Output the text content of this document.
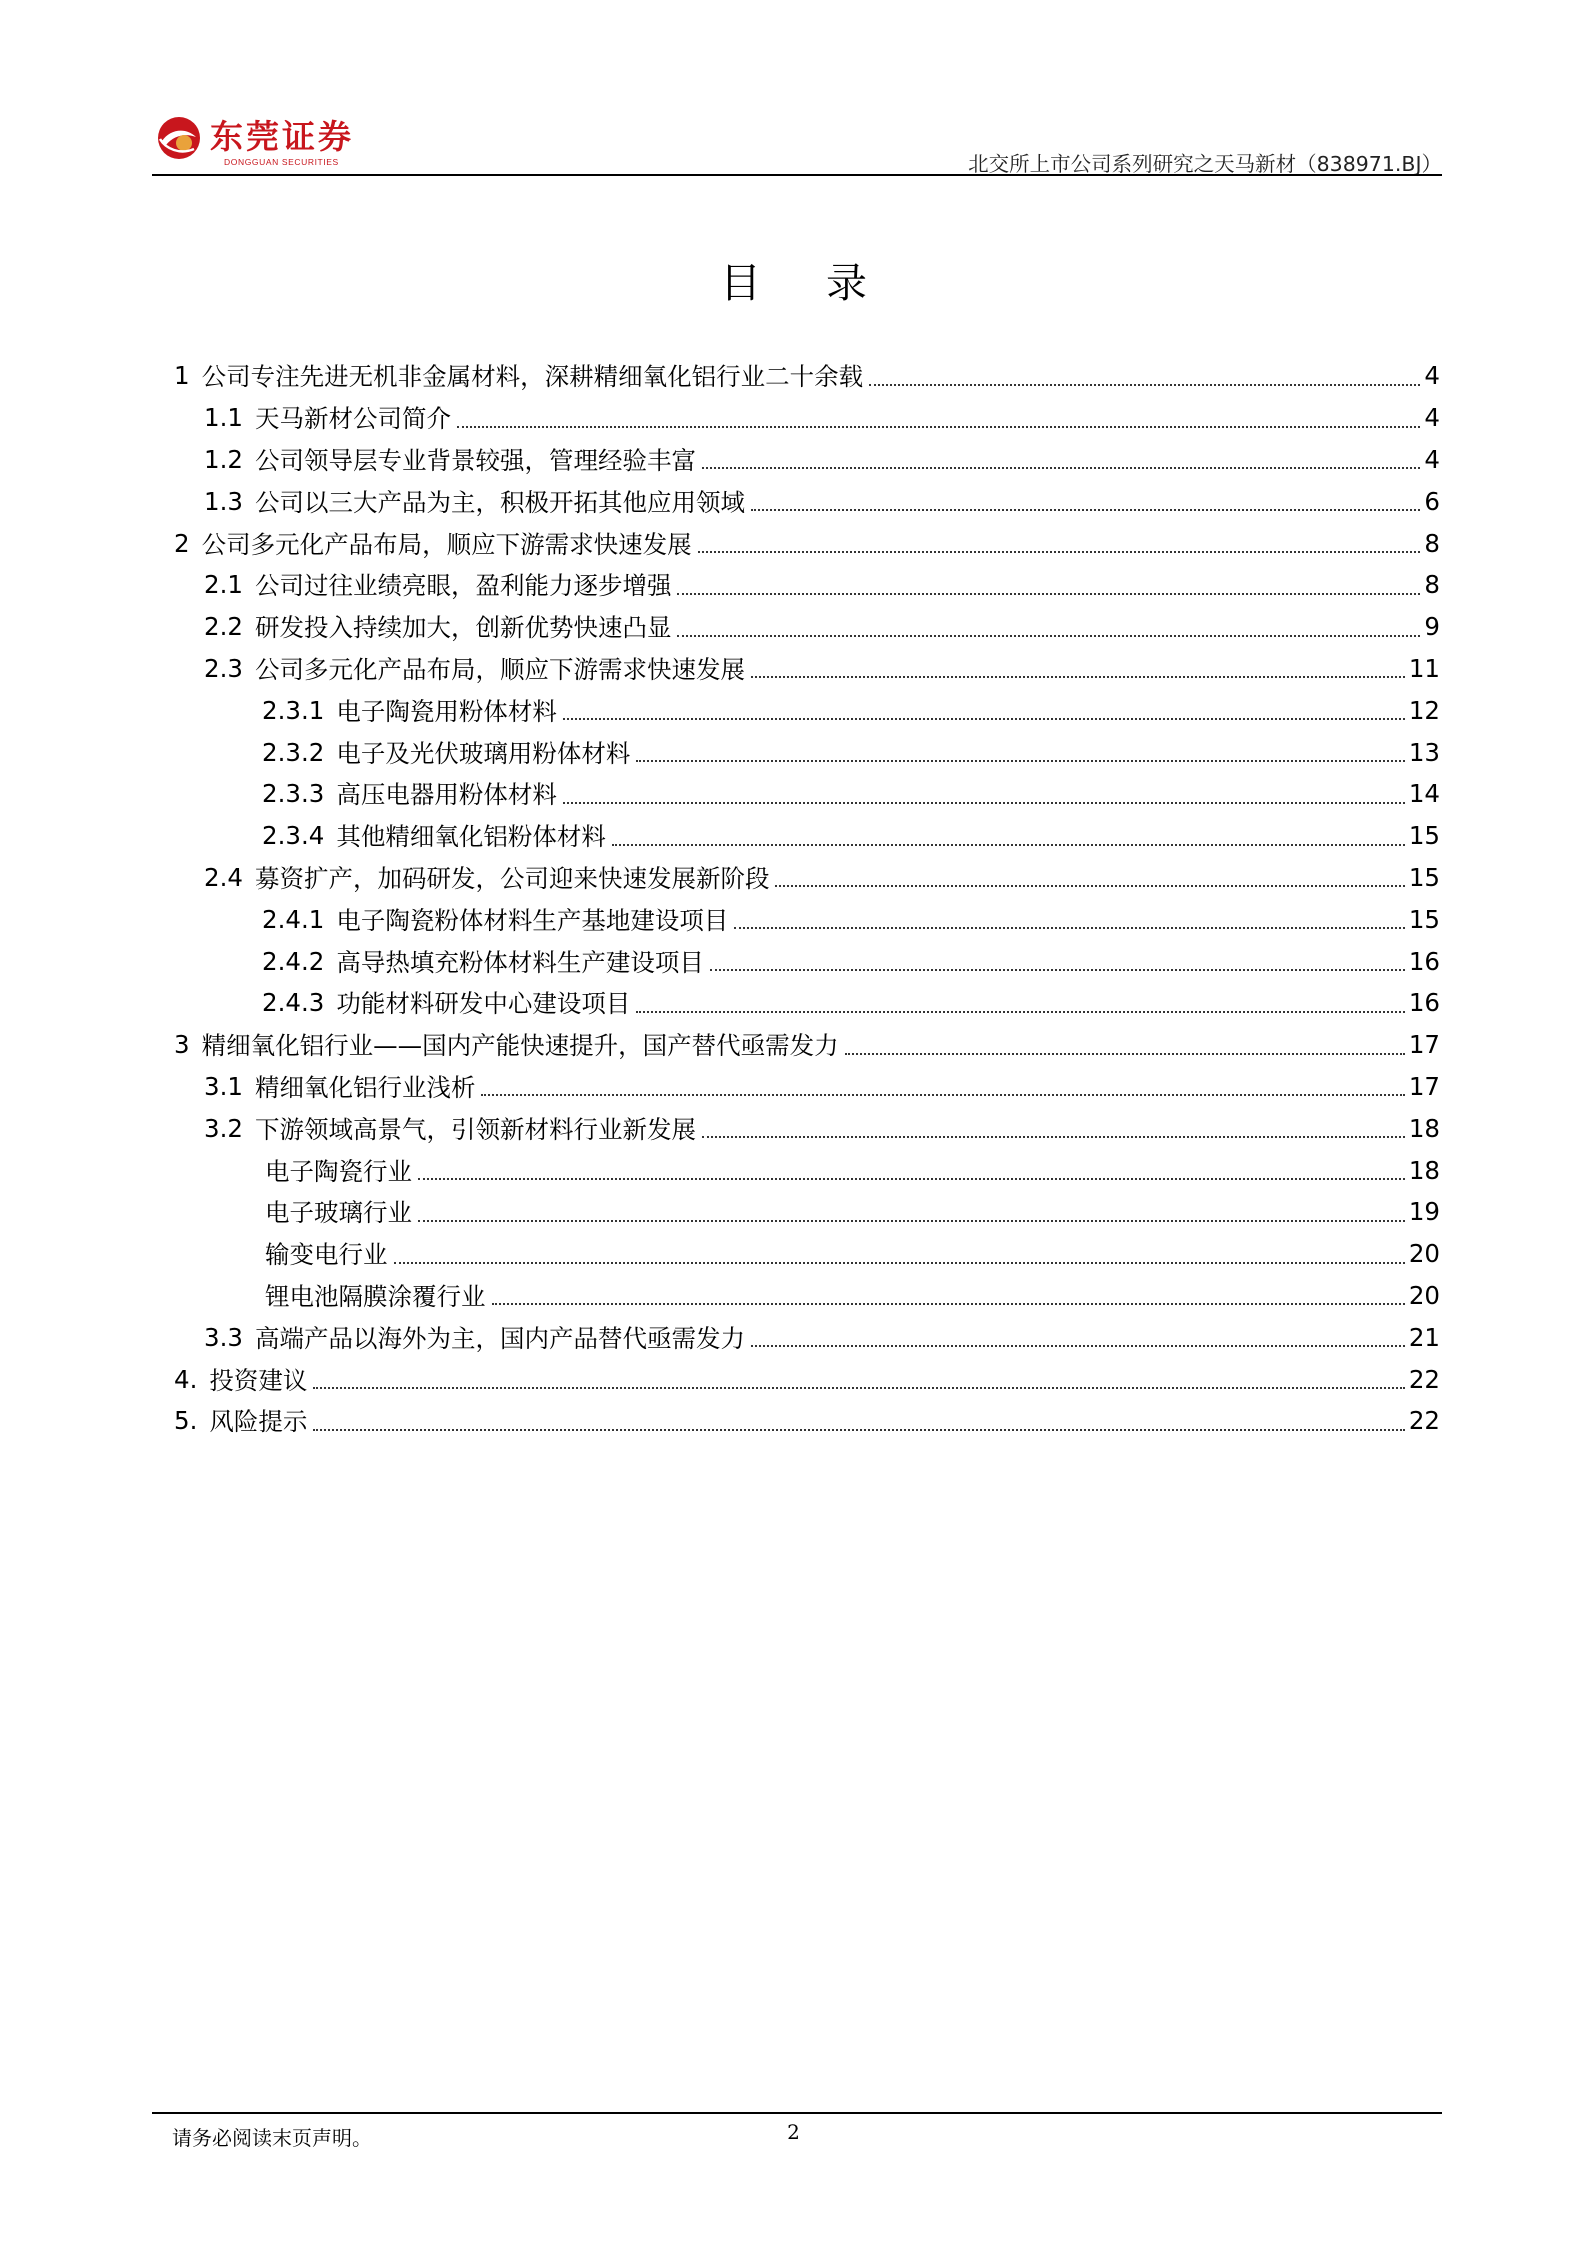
东莞证券
DONGGUAN SECURITIES	北交所上市公司系列研究之天马新材（838971.BJ）
目 录
1 公司专注先进无机非金属材料，深耕精细氧化铝行业二十余载	4
1.1 天马新材公司简介	4
1.2 公司领导层专业背景较强，管理经验丰富	4
1.3 公司以三大产品为主，积极开拓其他应用领域	6
2 公司多元化产品布局，顺应下游需求快速发展	8
2.1 公司过往业绩亮眼，盈利能力逐步增强	8
2.2 研发投入持续加大，创新优势快速凸显	9
2.3 公司多元化产品布局，顺应下游需求快速发展	11
2.3.1 电子陶瓷用粉体材料	12
2.3.2 电子及光伏玻璃用粉体材料	13
2.3.3 高压电器用粉体材料	14
2.3.4 其他精细氧化铝粉体材料	15
2.4 募资扩产，加码研发，公司迎来快速发展新阶段	15
2.4.1 电子陶瓷粉体材料生产基地建设项目	15
2.4.2 高导热填充粉体材料生产建设项目	16
2.4.3 功能材料研发中心建设项目	16
3 精细氧化铝行业——国内产能快速提升，国产替代亟需发力	17
3.1 精细氧化铝行业浅析	17
3.2 下游领域高景气，引领新材料行业新发展	18
电子陶瓷行业	18
电子玻璃行业	19
输变电行业	20
锂电池隔膜涂覆行业	20
3.3 高端产品以海外为主，国内产品替代亟需发力	21
4. 投资建议	22
5. 风险提示	22
请务必阅读末页声明。	2
